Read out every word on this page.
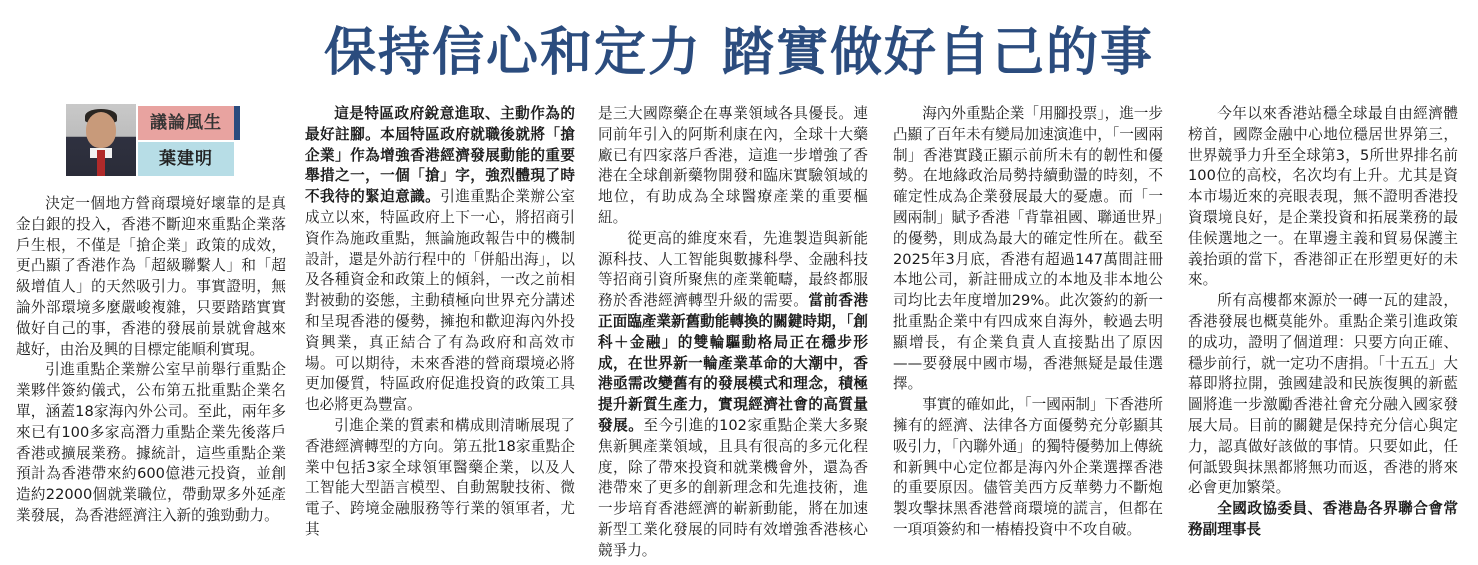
保持信心和定力 踏實做好自己的事
議論風生
葉建明

決定一個地方營商環境好壞靠的是真金白銀的投入，香港不斷迎來重點企業落戶生根，不僅是「搶企業」政策的成效，更凸顯了香港作為「超級聯繫人」和「超級增值人」的天然吸引力。事實證明，無論外部環境多麼嚴峻複雜，只要踏踏實實做好自己的事，香港的發展前景就會越來越好，由治及興的目標定能順利實現。

引進重點企業辦公室早前舉行重點企業夥伴簽約儀式，公布第五批重點企業名單，涵蓋18家海內外公司。至此，兩年多來已有100多家高潛力重點企業先後落戶香港或擴展業務。據統計，這些重點企業預計為香港帶來約600億港元投資，並創造約22000個就業職位，帶動眾多外延產業發展，為香港經濟注入新的強勁動力。

這是特區政府銳意進取、主動作為的最好註腳。本屆特區政府就職後就將「搶企業」作為增強香港經濟發展動能的重要舉措之一，一個「搶」字，強烈體現了時不我待的緊迫意識。引進重點企業辦公室成立以來，特區政府上下一心，將招商引資作為施政重點，無論施政報告中的機制設計，還是外訪行程中的「併船出海」，以及各種資金和政策上的傾斜，一改之前相對被動的姿態，主動積極向世界充分講述和呈現香港的優勢，擁抱和歡迎海內外投資興業，真正結合了有為政府和高效市場。可以期待，未來香港的營商環境必將更加優質，特區政府促進投資的政策工具也必將更為豐富。

引進企業的質素和構成則清晰展現了香港經濟轉型的方向。第五批18家重點企業中包括3家全球領軍醫藥企業，以及人工智能大型語言模型、自動駕駛技術、微電子、跨境金融服務等行業的領軍者，尤其

是三大國際藥企在專業領域各具優長。連同前年引入的阿斯利康在內，全球十大藥廠已有四家落戶香港，這進一步增強了香港在全球創新藥物開發和臨床實驗領域的地位，有助成為全球醫療產業的重要樞紐。

從更高的維度來看，先進製造與新能源科技、人工智能與數據科學、金融科技等招商引資所聚焦的產業範疇，最終都服務於香港經濟轉型升級的需要。當前香港正面臨產業新舊動能轉換的關鍵時期，「創科＋金融」的雙輪驅動格局正在穩步形成，在世界新一輪產業革命的大潮中，香港亟需改變舊有的發展模式和理念，積極提升新質生產力，實現經濟社會的高質量發展。至今引進的102家重點企業大多聚焦新興產業領域，且具有很高的多元化程度，除了帶來投資和就業機會外，還為香港帶來了更多的創新理念和先進技術，進一步培育香港經濟的嶄新動能，將在加速新型工業化發展的同時有效增強香港核心競爭力。

海內外重點企業「用腳投票」，進一步凸顯了百年未有變局加速演進中，「一國兩制」香港實踐正顯示前所未有的韌性和優勢。在地緣政治局勢持續動盪的時刻，不確定性成為企業發展最大的憂慮。而「一國兩制」賦予香港「背靠祖國、聯通世界」的優勢，則成為最大的確定性所在。截至2025年3月底，香港有超過147萬間註冊本地公司，新註冊成立的本地及非本地公司均比去年度增加29%。此次簽約的新一批重點企業中有四成來自海外，較過去明顯增長，有企業負責人直接點出了原因——要發展中國市場，香港無疑是最佳選擇。

事實的確如此，「一國兩制」下香港所擁有的經濟、法律各方面優勢充分彰顯其吸引力，「內聯外通」的獨特優勢加上傳統和新興中心定位都是海內外企業選擇香港的重要原因。儘管美西方反華勢力不斷炮製攻擊抹黑香港營商環境的謊言，但都在一項項簽約和一樁樁投資中不攻自破。

今年以來香港站穩全球最自由經濟體榜首，國際金融中心地位穩居世界第三，世界競爭力升至全球第3，5所世界排名前100位的高校，名次均有上升。尤其是資本市場近來的亮眼表現，無不證明香港投資環境良好，是企業投資和拓展業務的最佳候選地之一。在單邊主義和貿易保護主義抬頭的當下，香港卻正在形塑更好的未來。

所有高樓都來源於一磚一瓦的建設，香港發展也概莫能外。重點企業引進政策的成功，證明了個道理：只要方向正確、穩步前行，就一定功不唐捐。「十五五」大幕即將拉開，強國建設和民族復興的新藍圖將進一步激勵香港社會充分融入國家發展大局。目前的關鍵是保持充分信心與定力，認真做好該做的事情。只要如此，任何詆毀與抹黑都將無功而返，香港的將來必會更加繁榮。

全國政協委員、香港島各界聯合會常務副理事長
